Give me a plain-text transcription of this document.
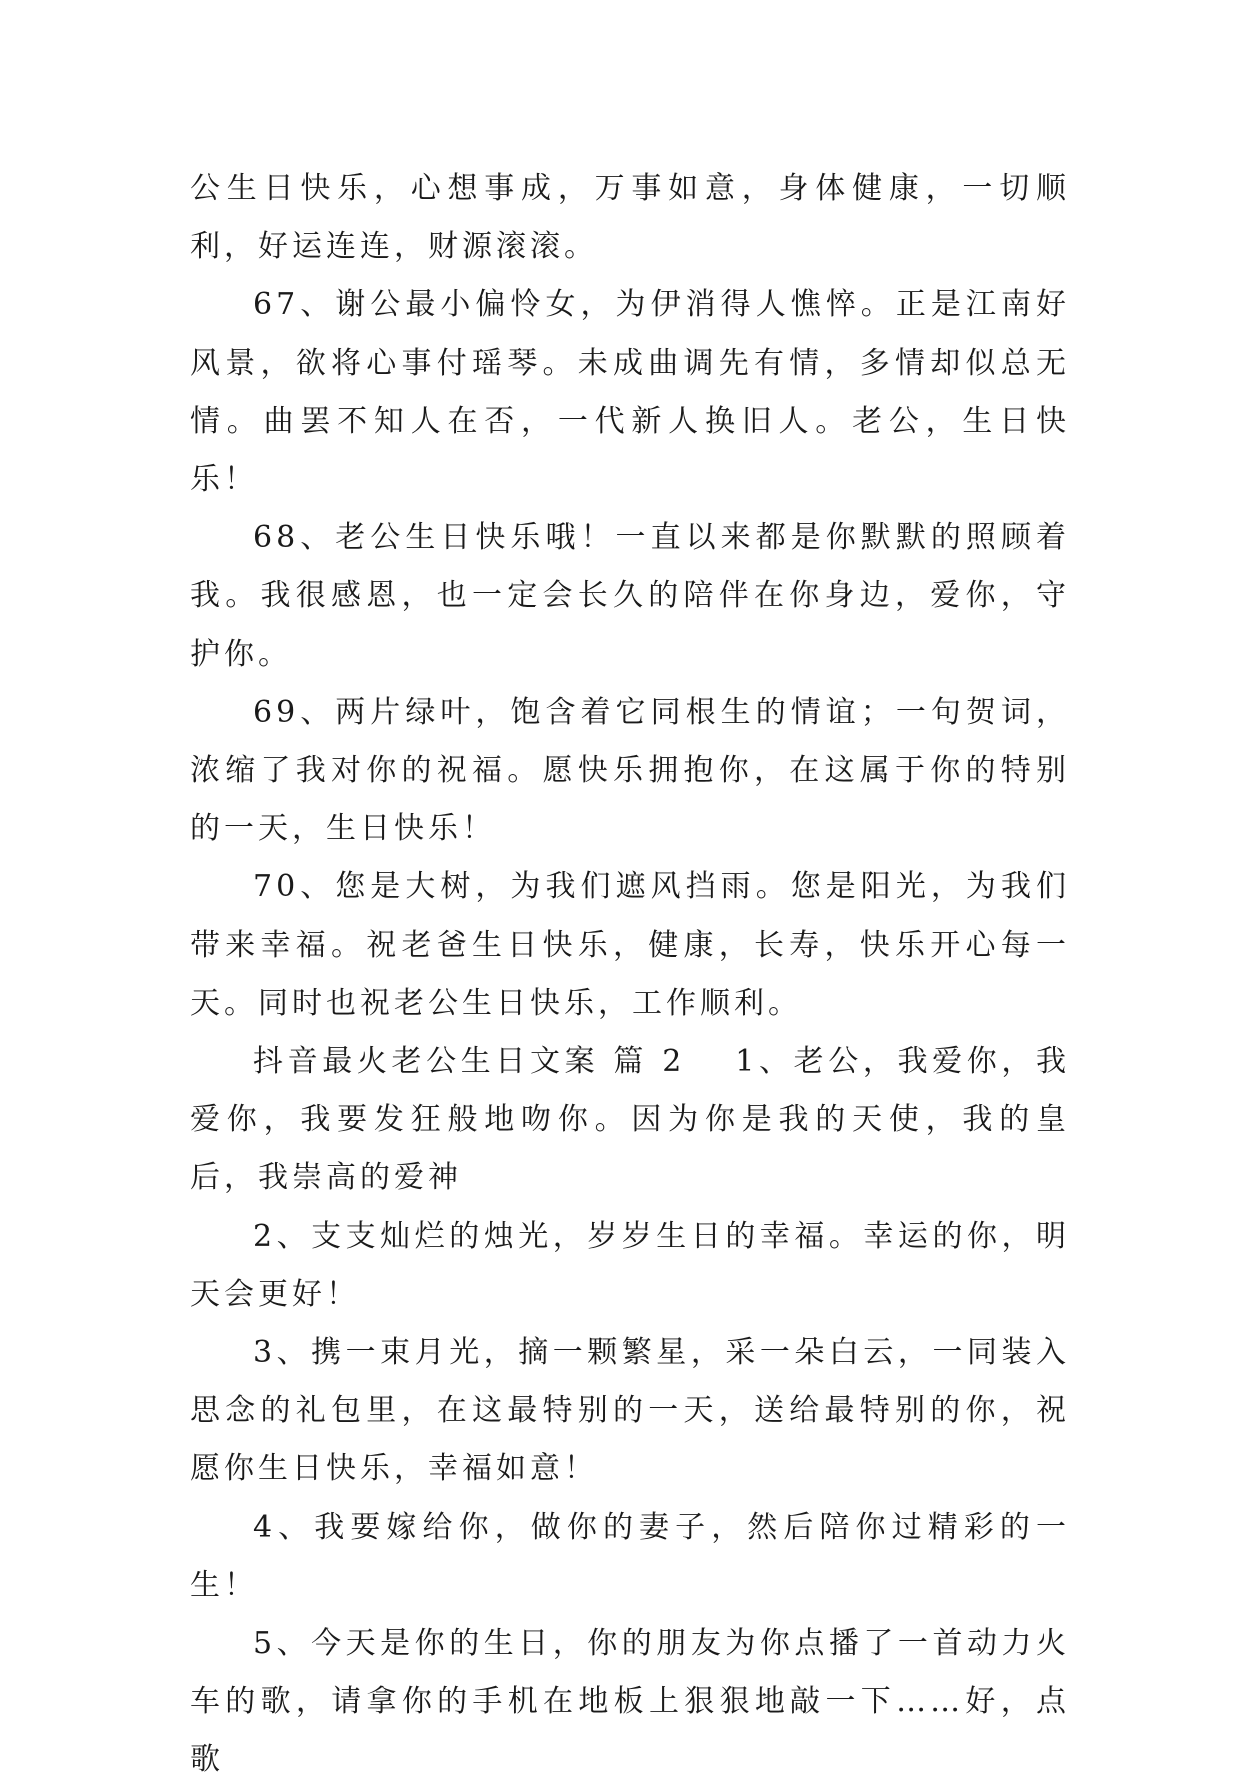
公生日快乐，心想事成，万事如意，身体健康，一切顺利，好运连连，财源滚滚。

67、谢公最小偏怜女，为伊消得人憔悴。正是江南好风景，欲将心事付瑶琴。未成曲调先有情，多情却似总无情。曲罢不知人在否，一代新人换旧人。老公，生日快乐！

68、老公生日快乐哦！一直以来都是你默默的照顾着我。我很感恩，也一定会长久的陪伴在你身边，爱你，守护你。

69、两片绿叶，饱含着它同根生的情谊；一句贺词，浓缩了我对你的祝福。愿快乐拥抱你，在这属于你的特别的一天，生日快乐！

70、您是大树，为我们遮风挡雨。您是阳光，为我们带来幸福。祝老爸生日快乐，健康，长寿，快乐开心每一天。同时也祝老公生日快乐，工作顺利。

抖音最火老公生日文案 篇 2 1、老公，我爱你，我爱你，我要发狂般地吻你。因为你是我的天使，我的皇后，我崇高的爱神

2、支支灿烂的烛光，岁岁生日的幸福。幸运的你，明天会更好！

3、携一束月光，摘一颗繁星，采一朵白云，一同装入思念的礼包里，在这最特别的一天，送给最特别的你，祝愿你生日快乐，幸福如意！

4、我要嫁给你，做你的妻子，然后陪你过精彩的一生！

5、今天是你的生日，你的朋友为你点播了一首动力火车的歌，请拿你的手机在地板上狠狠地敲一下……好，点歌
